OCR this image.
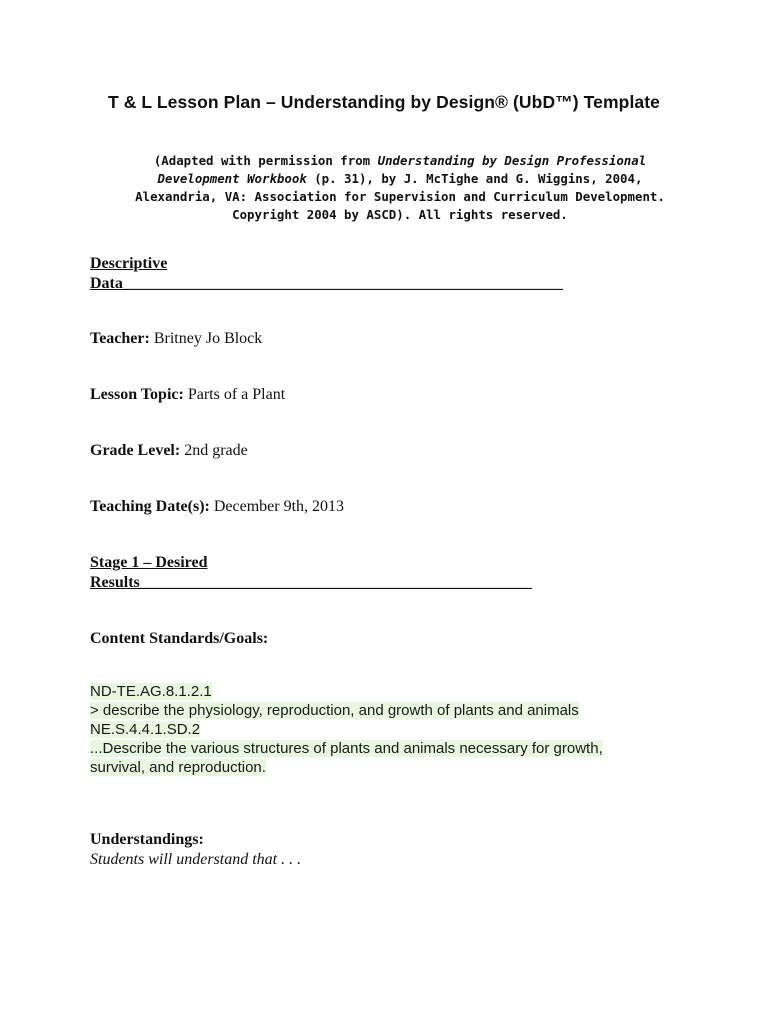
T & L Lesson Plan – Understanding by Design® (UbD™) Template
(Adapted with permission from Understanding by Design Professional
Development Workbook (p. 31), by J. McTighe and G. Wiggins, 2004,
Alexandria, VA: Association for Supervision and Curriculum Development.
Copyright 2004 by ASCD). All rights reserved.
Descriptive
Data_______________________________________________________
Teacher: Britney Jo Block
Lesson Topic: Parts of a Plant
Grade Level: 2nd grade
Teaching Date(s): December 9th, 2013
Stage 1 – Desired
Results_________________________________________________
Content Standards/Goals:
ND-TE.AG.8.1.2.1
> describe the physiology, reproduction, and growth of plants and animals
NE.S.4.4.1.SD.2
...Describe the various structures of plants and animals necessary for growth,
survival, and reproduction.
Understandings:
Students will understand that . . .
